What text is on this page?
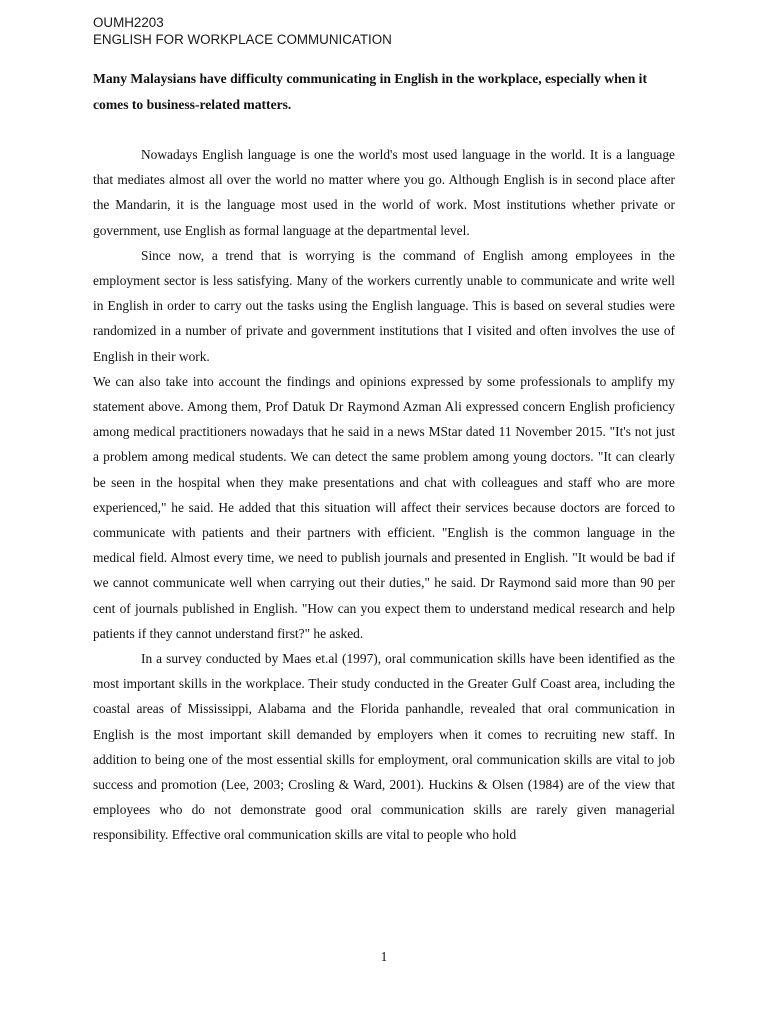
OUMH2203
ENGLISH FOR WORKPLACE COMMUNICATION

Many Malaysians have difficulty communicating in English in the workplace, especially when it comes to business-related matters.

Nowadays English language is one the world's most used language in the world. It is a language that mediates almost all over the world no matter where you go. Although English is in second place after the Mandarin, it is the language most used in the world of work. Most institutions whether private or government, use English as formal language at the departmental level.

Since now, a trend that is worrying is the command of English among employees in the employment sector is less satisfying. Many of the workers currently unable to communicate and write well in English in order to carry out the tasks using the English language. This is based on several studies were randomized in a number of private and government institutions that I visited and often involves the use of English in their work.

We can also take into account the findings and opinions expressed by some professionals to amplify my statement above. Among them, Prof Datuk Dr Raymond Azman Ali expressed concern English proficiency among medical practitioners nowadays that he said in a news MStar dated 11 November 2015. "It's not just a problem among medical students. We can detect the same problem among young doctors. "It can clearly be seen in the hospital when they make presentations and chat with colleagues and staff who are more experienced," he said. He added that this situation will affect their services because doctors are forced to communicate with patients and their partners with efficient. "English is the common language in the medical field. Almost every time, we need to publish journals and presented in English. "It would be bad if we cannot communicate well when carrying out their duties," he said. Dr Raymond said more than 90 per cent of journals published in English. "How can you expect them to understand medical research and help patients if they cannot understand first?" he asked.

In a survey conducted by Maes et.al (1997), oral communication skills have been identified as the most important skills in the workplace. Their study conducted in the Greater Gulf Coast area, including the coastal areas of Mississippi, Alabama and the Florida panhandle, revealed that oral communication in English is the most important skill demanded by employers when it comes to recruiting new staff. In addition to being one of the most essential skills for employment, oral communication skills are vital to job success and promotion (Lee, 2003; Crosling & Ward, 2001). Huckins & Olsen (1984) are of the view that employees who do not demonstrate good oral communication skills are rarely given managerial responsibility. Effective oral communication skills are vital to people who hold

1
